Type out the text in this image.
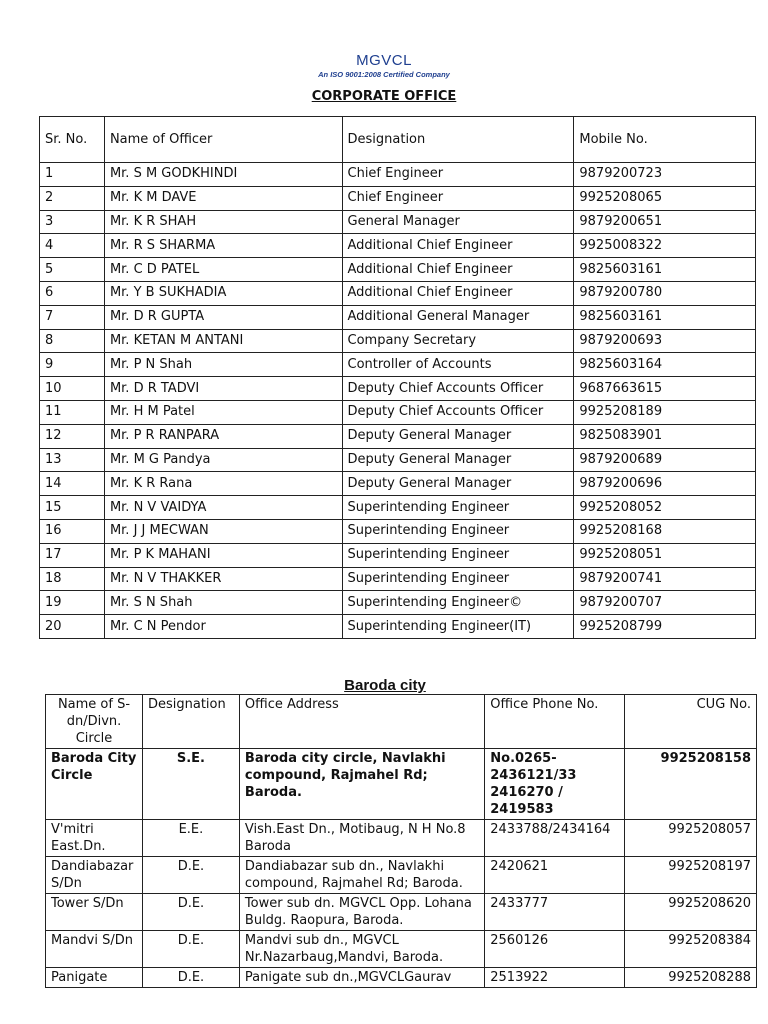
MGVCL
An ISO 9001:2008 Certified Company
CORPORATE OFFICE
Sr. No.	Name of Officer	Designation	Mobile No.
1	Mr. S M GODKHINDI	Chief Engineer	9879200723
2	Mr. K M DAVE	Chief Engineer	9925208065
3	Mr. K R SHAH	General Manager	9879200651
4	Mr. R S SHARMA	Additional Chief Engineer	9925008322
5	Mr. C D PATEL	Additional Chief Engineer	9825603161
6	Mr. Y B SUKHADIA	Additional Chief Engineer	9879200780
7	Mr. D R GUPTA	Additional General Manager	9825603161
8	Mr. KETAN M ANTANI	Company Secretary	9879200693
9	Mr. P N Shah	Controller of Accounts	9825603164
10	Mr. D R TADVI	Deputy Chief Accounts Officer	9687663615
11	Mr. H M Patel	Deputy Chief Accounts Officer	9925208189
12	Mr. P R RANPARA	Deputy General Manager	9825083901
13	Mr. M G Pandya	Deputy General Manager	9879200689
14	Mr. K R Rana	Deputy General Manager	9879200696
15	Mr. N V VAIDYA	Superintending Engineer	9925208052
16	Mr. J J MECWAN	Superintending Engineer	9925208168
17	Mr. P K MAHANI	Superintending Engineer	9925208051
18	Mr. N V THAKKER	Superintending Engineer	9879200741
19	Mr. S N Shah	Superintending Engineer©	9879200707
20	Mr. C N Pendor	Superintending Engineer(IT)	9925208799
Baroda city
Name of S-dn/Divn. Circle	Designation	Office Address	Office Phone No.	CUG No.
Baroda City Circle	S.E.	Baroda city circle, Navlakhi compound, Rajmahel Rd; Baroda.	No.0265-2436121/33 2416270 / 2419583	9925208158
V'mitri East.Dn.	E.E.	Vish.East Dn., Motibaug, N H No.8 Baroda	2433788/2434164	9925208057
Dandiabazar S/Dn	D.E.	Dandiabazar sub dn., Navlakhi compound, Rajmahel Rd; Baroda.	2420621	9925208197
Tower S/Dn	D.E.	Tower sub dn. MGVCL Opp. Lohana Buldg. Raopura, Baroda.	2433777	9925208620
Mandvi S/Dn	D.E.	Mandvi sub dn., MGVCL Nr.Nazarbaug,Mandvi, Baroda.	2560126	9925208384
Panigate	D.E.	Panigate sub dn.,MGVCLGaurav	2513922	9925208288
